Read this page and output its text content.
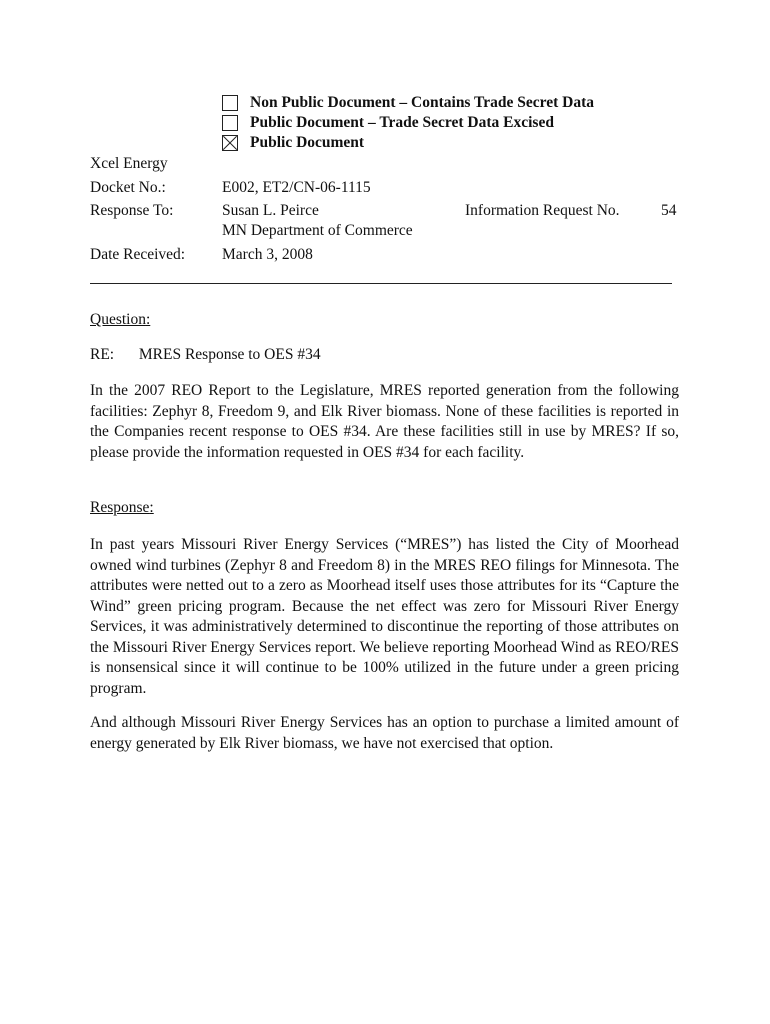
Non Public Document – Contains Trade Secret Data
Public Document – Trade Secret Data Excised
Public Document
Xcel Energy
Docket No.:	E002, ET2/CN-06-1115
Response To:	Susan L. Peirce	Information Request No.	54
MN Department of Commerce
Date Received: March 3, 2008
Question:
RE: MRES Response to OES #34
In the 2007 REO Report to the Legislature, MRES reported generation from the following facilities: Zephyr 8, Freedom 9, and Elk River biomass. None of these facilities is reported in the Companies recent response to OES #34. Are these facilities still in use by MRES? If so, please provide the information requested in OES #34 for each facility.
Response:
In past years Missouri River Energy Services (“MRES”) has listed the City of Moorhead owned wind turbines (Zephyr 8 and Freedom 8) in the MRES REO filings for Minnesota. The attributes were netted out to a zero as Moorhead itself uses those attributes for its “Capture the Wind” green pricing program. Because the net effect was zero for Missouri River Energy Services, it was administratively determined to discontinue the reporting of those attributes on the Missouri River Energy Services report. We believe reporting Moorhead Wind as REO/RES is nonsensical since it will continue to be 100% utilized in the future under a green pricing program.
And although Missouri River Energy Services has an option to purchase a limited amount of energy generated by Elk River biomass, we have not exercised that option.
